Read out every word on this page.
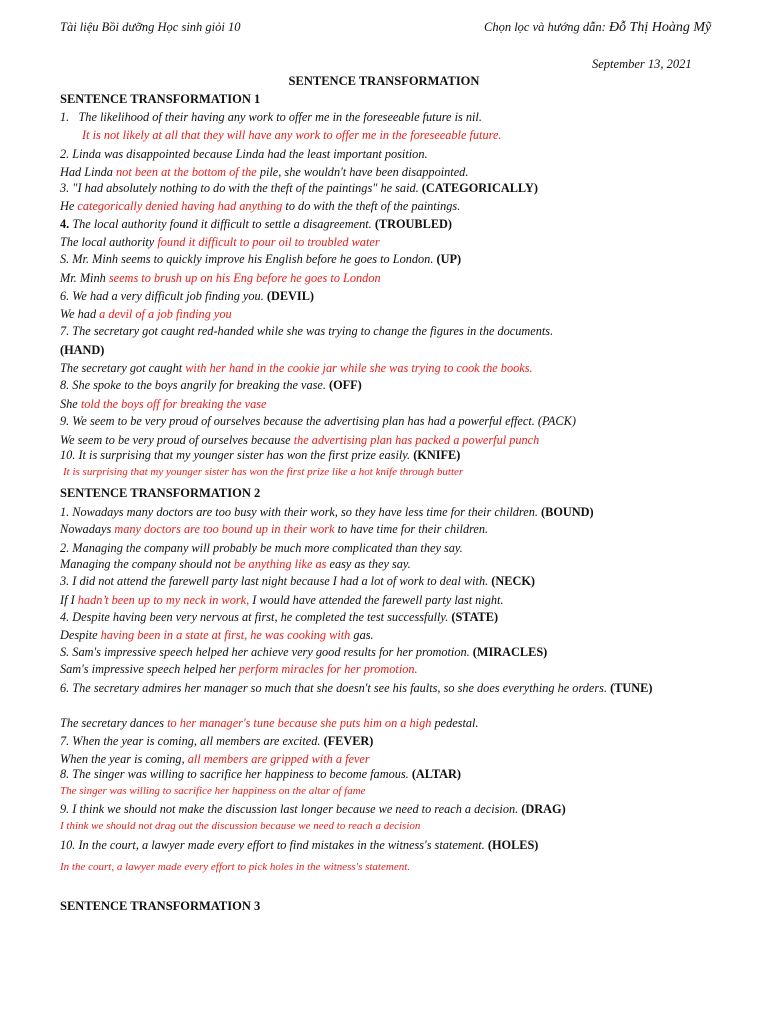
Tài liệu Bồi dưỡng Học sinh giỏi 10	Chọn lọc và hướng dẫn: Đỗ Thị Hoàng Mỹ
September 13, 2021
SENTENCE TRANSFORMATION
SENTENCE TRANSFORMATION 1
1. The likelihood of their having any work to offer me in the foreseeable future is nil.
It is not likely at all that they will have any work to offer me in the foreseeable future.
2. Linda was disappointed because Linda had the least important position.
Had Linda not been at the bottom of the pile, she wouldn't have been disappointed.
3. "I had absolutely nothing to do with the theft of the paintings" he said. (CATEGORICALLY)
He categorically denied having had anything to do with the theft of the paintings.
4. The local authority found it difficult to settle a disagreement. (TROUBLED)
The local authority found it difficult to pour oil to troubled water
S. Mr. Minh seems to quickly improve his English before he goes to London. (UP)
Mr. Minh seems to brush up on his Eng before he goes to London
6. We had a very difficult job finding you. (DEVIL)
We had a devil of a job finding you
7. The secretary got caught red-handed while she was trying to change the figures in the documents.
(HAND)
The secretary got caught with her hand in the cookie jar while she was trying to cook the books.
8. She spoke to the boys angrily for breaking the vase. (OFF)
She told the boys off for breaking the vase
9. We seem to be very proud of ourselves because the advertising plan has had a powerful effect. (PACK)
We seem to be very proud of ourselves because the advertising plan has packed a powerful punch
10. It is surprising that my younger sister has won the first prize easily. (KNIFE)
It is surprising that my younger sister has won the first prize like a hot knife through butter
SENTENCE TRANSFORMATION 2
1. Nowadays many doctors are too busy with their work, so they have less time for their children. (BOUND)
Nowadays many doctors are too bound up in their work to have time for their children.
2. Managing the company will probably be much more complicated than they say.
Managing the company should not be anything like as easy as they say.
3. I did not attend the farewell party last night because I had a lot of work to deal with. (NECK)
If I hadn’t been up to my neck in work, I would have attended the farewell party last night.
4. Despite having been very nervous at first, he completed the test successfully. (STATE)
Despite having been in a state at first, he was cooking with gas.
S. Sam's impressive speech helped her achieve very good results for her promotion. (MIRACLES)
Sam's impressive speech helped her perform miracles for her promotion.
6. The secretary admires her manager so much that she doesn't see his faults, so she does everything he orders. (TUNE)
The secretary dances to her manager's tune because she puts him on a high pedestal.
7. When the year is coming, all members are excited. (FEVER)
When the year is coming, all members are gripped with a fever
8. The singer was willing to sacrifice her happiness to become famous. (ALTAR)
The singer was willing to sacrifice her happiness on the altar of fame
9. I think we should not make the discussion last longer because we need to reach a decision. (DRAG)
I think we should not drag out the discussion because we need to reach a decision
10. In the court, a lawyer made every effort to find mistakes in the witness's statement. (HOLES)
In the court, a lawyer made every effort to pick holes in the witness's statement.
SENTENCE TRANSFORMATION 3
